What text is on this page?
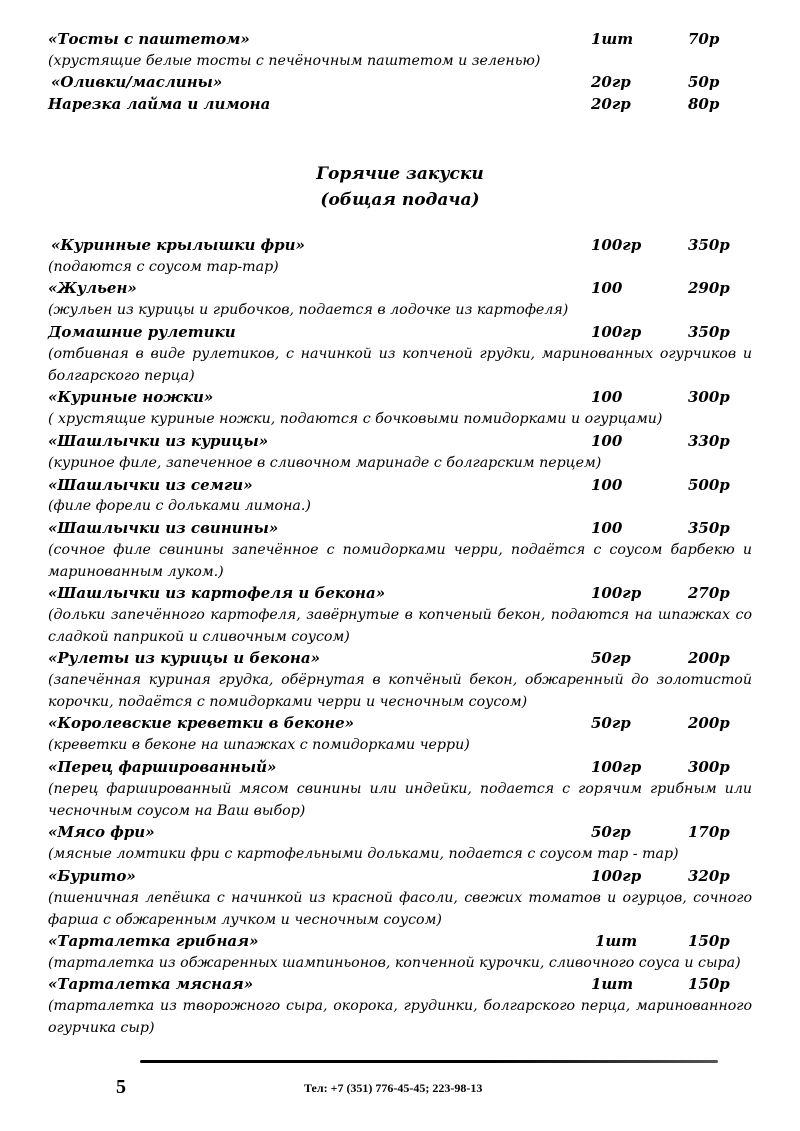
«Тосты с паштетом»	1шт	70р
(хрустящие белые тосты с печёночным паштетом и зеленью)
«Оливки/маслины»	20гр	50р
Нарезка лайма и лимона	20гр	80р
Горячие закуски
(общая подача)
«Куринные крылышки фри»	100гр	350р
(подаются с соусом тар-тар)
«Жульен»	100	290р
(жульен из курицы и грибочков, подается в лодочке из картофеля)
Домашние рулетики	100гр	350р
(отбивная в виде рулетиков, с начинкой из копченой грудки, маринованных огурчиков и болгарского перца)
«Куриные ножки»	100	300р
( хрустящие куриные ножки, подаются с бочковыми помидорками и огурцами)
«Шашлычки из курицы»	100	330р
(куриное филе, запеченное в сливочном маринаде с болгарским перцем)
«Шашлычки из семги»	100	500р
(филе форели с дольками лимона.)
«Шашлычки из свинины»	100	350р
(сочное филе свинины запечённое с помидорками черри, подаётся с соусом барбекю и маринованным луком.)
«Шашлычки из картофеля и бекона»	100гр	270р
(дольки запечённого картофеля, завёрнутые в копченый бекон, подаются на шпажках со сладкой паприкой и сливочным соусом)
«Рулеты из курицы и бекона»	50гр	200р
(запечённая куриная грудка, обёрнутая в копчёный бекон, обжаренный до золотистой корочки, подаётся с помидорками черри и чесночным соусом)
«Королевские креветки в беконе»	50гр	200р
(креветки в беконе на шпажках с помидорками черри)
«Перец фаршированный»	100гр	300р
(перец фаршированный мясом свинины или индейки, подается с горячим грибным или чесночным соусом на Ваш выбор)
«Мясо фри»	50гр	170р
(мясные ломтики фри с картофельными дольками, подается с соусом тар - тар)
«Бурито»	100гр	320р
(пшеничная лепёшка с начинкой из красной фасоли, свежих томатов и огурцов, сочного фарша с обжаренным лучком и чесночным соусом)
«Тарталетка грибная»	1шт	150р
(тарталетка из обжаренных шампиньонов, копченной курочки, сливочного соуса и сыра)
«Тарталетка мясная»	1шт	150р
(тарталетка из творожного сыра, окорока, грудинки, болгарского перца, маринованного огурчика сыр)
5	Тел: +7 (351) 776-45-45; 223-98-13
